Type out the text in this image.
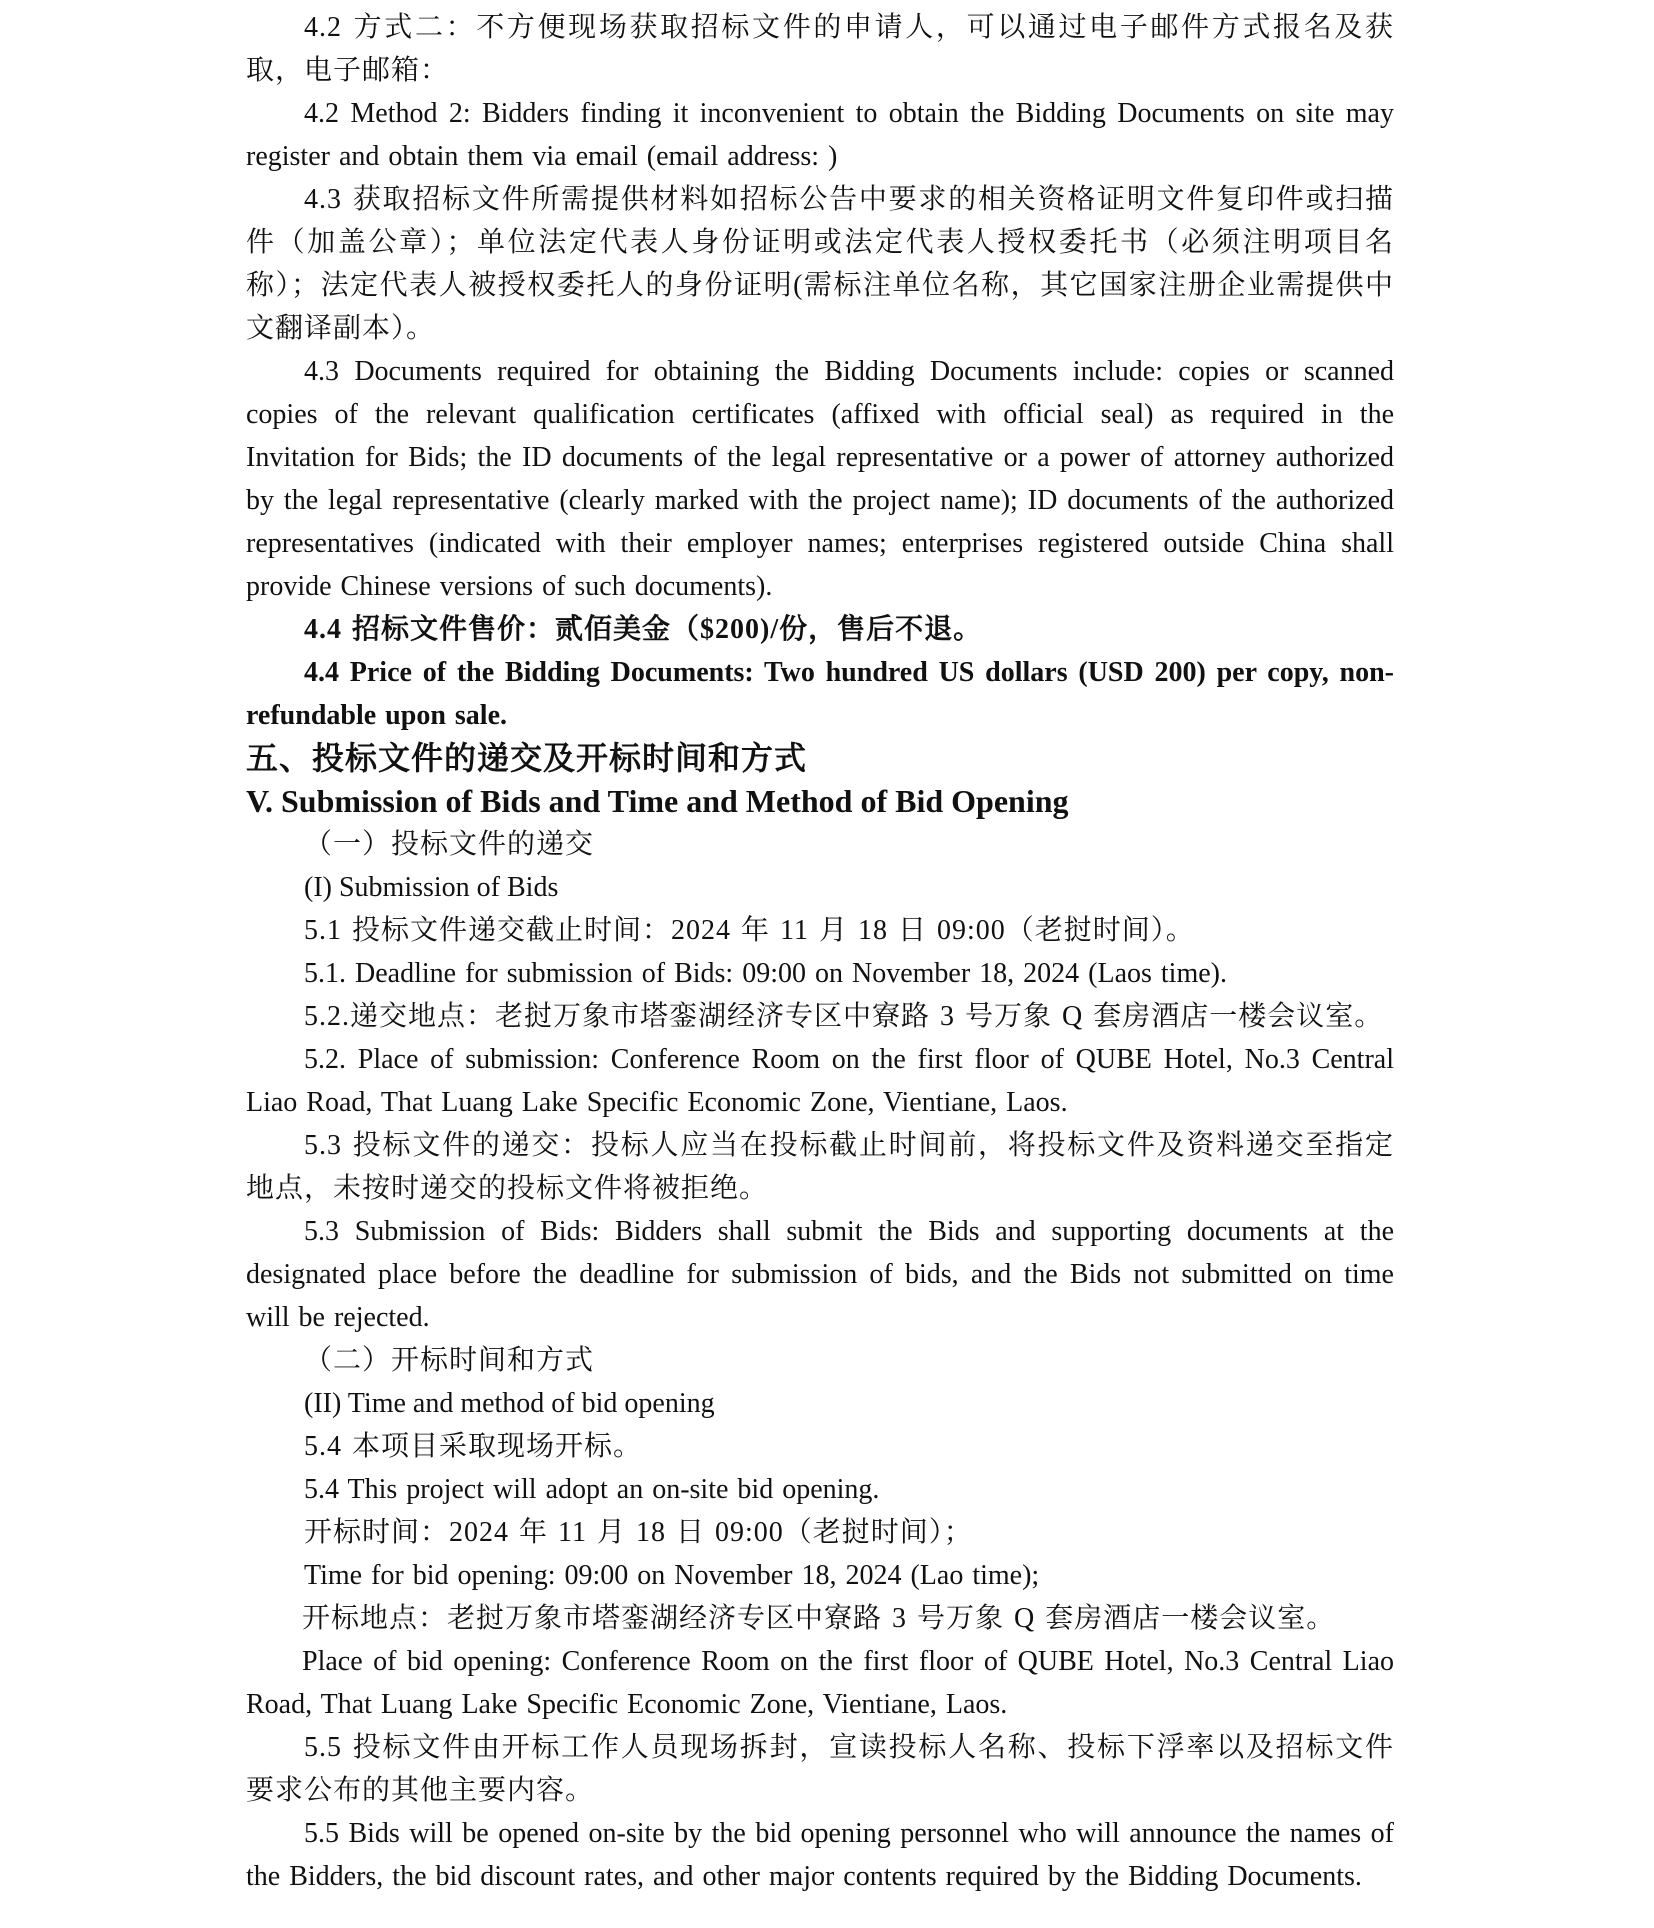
4.2 方式二：不方便现场获取招标文件的申请人，可以通过电子邮件方式报名及获取，电子邮箱：

4.2 Method 2: Bidders finding it inconvenient to obtain the Bidding Documents on site may register and obtain them via email (email address: )

4.3 获取招标文件所需提供材料如招标公告中要求的相关资格证明文件复印件或扫描件（加盖公章）；单位法定代表人身份证明或法定代表人授权委托书（必须注明项目名称）；法定代表人被授权委托人的身份证明(需标注单位名称，其它国家注册企业需提供中文翻译副本）。

4.3 Documents required for obtaining the Bidding Documents include: copies or scanned copies of the relevant qualification certificates (affixed with official seal) as required in the Invitation for Bids; the ID documents of the legal representative or a power of attorney authorized by the legal representative (clearly marked with the project name); ID documents of the authorized representatives (indicated with their employer names; enterprises registered outside China shall provide Chinese versions of such documents).

4.4 招标文件售价：贰佰美金（$200)/份，售后不退。

4.4 Price of the Bidding Documents: Two hundred US dollars (USD 200) per copy, non-refundable upon sale.

五、投标文件的递交及开标时间和方式

V. Submission of Bids and Time and Method of Bid Opening

（一）投标文件的递交

(I) Submission of Bids

5.1 投标文件递交截止时间：2024 年 11 月 18 日 09:00（老挝时间）。

5.1. Deadline for submission of Bids: 09:00 on November 18, 2024 (Laos time).

5.2.递交地点：老挝万象市塔銮湖经济专区中寮路 3 号万象 Q 套房酒店一楼会议室。

5.2. Place of submission: Conference Room on the first floor of QUBE Hotel, No.3 Central Liao Road, That Luang Lake Specific Economic Zone, Vientiane, Laos.

5.3 投标文件的递交：投标人应当在投标截止时间前，将投标文件及资料递交至指定地点，未按时递交的投标文件将被拒绝。

5.3 Submission of Bids: Bidders shall submit the Bids and supporting documents at the designated place before the deadline for submission of bids, and the Bids not submitted on time will be rejected.

（二）开标时间和方式

(II) Time and method of bid opening

5.4 本项目采取现场开标。

5.4 This project will adopt an on-site bid opening.

开标时间：2024 年 11 月 18 日 09:00（老挝时间）；

Time for bid opening: 09:00 on November 18, 2024 (Lao time);

开标地点：老挝万象市塔銮湖经济专区中寮路 3 号万象 Q 套房酒店一楼会议室。

Place of bid opening: Conference Room on the first floor of QUBE Hotel, No.3 Central Liao Road, That Luang Lake Specific Economic Zone, Vientiane, Laos.

5.5 投标文件由开标工作人员现场拆封，宣读投标人名称、投标下浮率以及招标文件要求公布的其他主要内容。

5.5 Bids will be opened on-site by the bid opening personnel who will announce the names of the Bidders, the bid discount rates, and other major contents required by the Bidding Documents.
